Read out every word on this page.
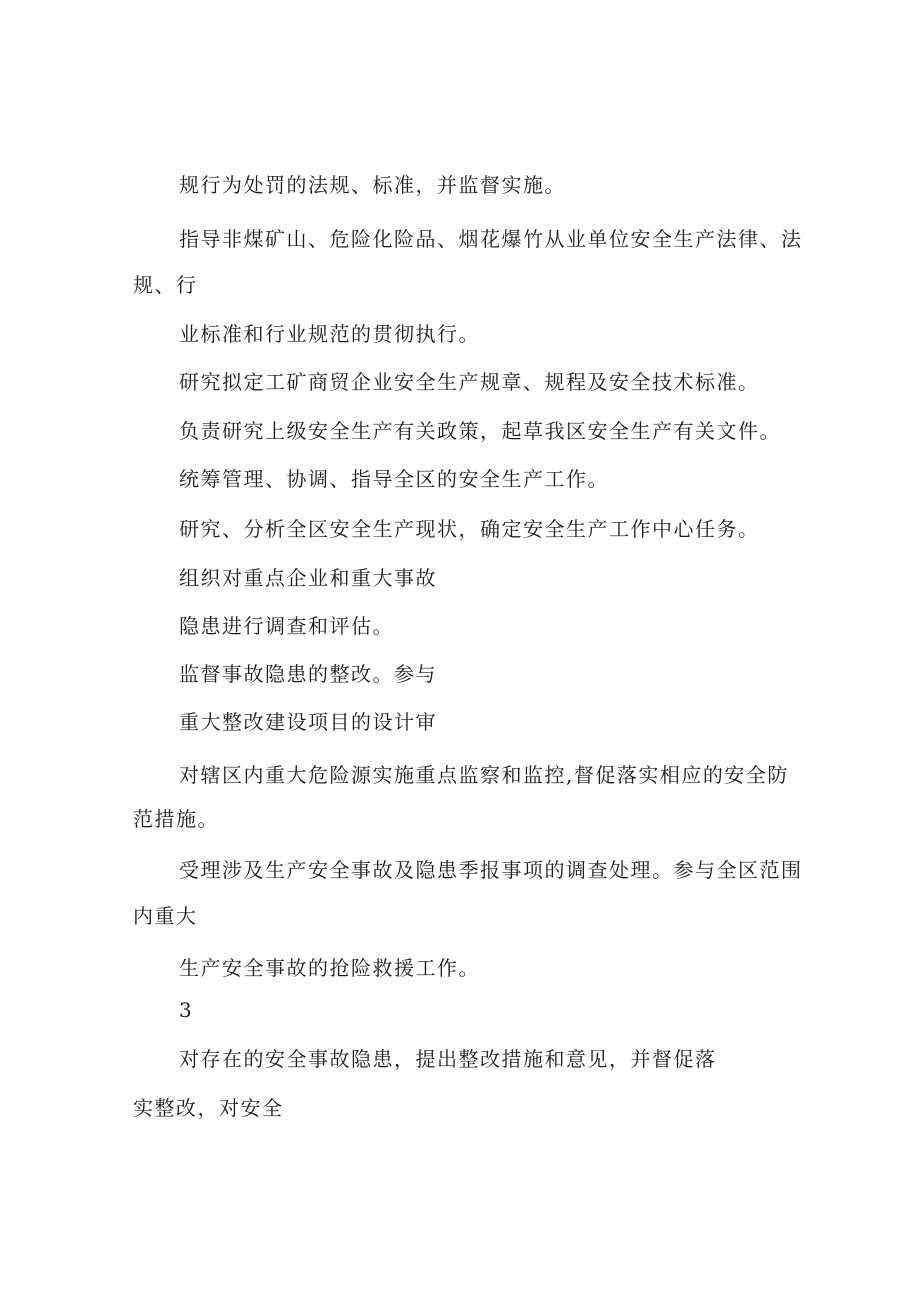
规行为处罚的法规、标准，并监督实施。
指导非煤矿山、危险化险品、烟花爆竹从业单位安全生产法律、法
规、行
业标准和行业规范的贯彻执行。
研究拟定工矿商贸企业安全生产规章、规程及安全技术标准。
负责研究上级安全生产有关政策，起草我区安全生产有关文件。
统筹管理、协调、指导全区的安全生产工作。
研究、分析全区安全生产现状，确定安全生产工作中心任务。
组织对重点企业和重大事故
隐患进行调查和评估。
监督事故隐患的整改。参与
重大整改建设项目的设计审
对辖区内重大危险源实施重点监察和监控,督促落实相应的安全防
范措施。
受理涉及生产安全事故及隐患季报事项的调查处理。参与全区范围
内重大
生产安全事故的抢险救援工作。
3
对存在的安全事故隐患，提出整改措施和意见，并督促落
实整改，对安全
